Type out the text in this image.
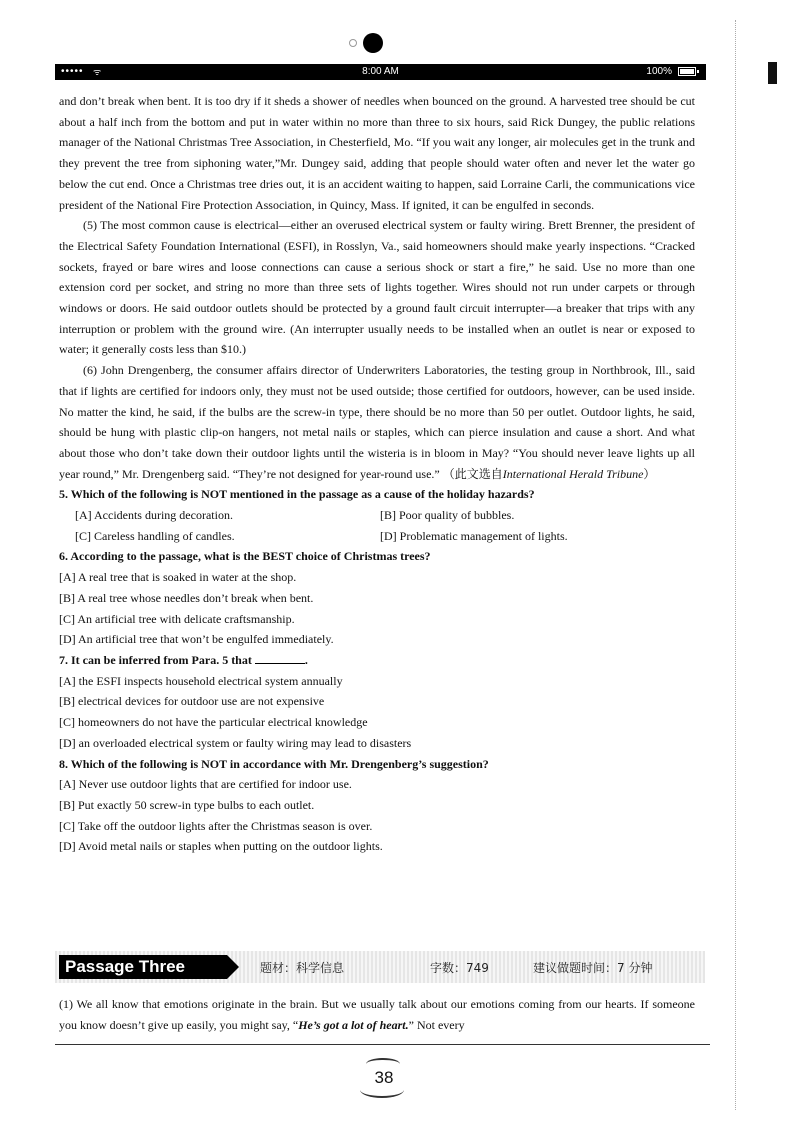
••••• ᯤ	8:00 AM	100%

and don’t break when bent. It is too dry if it sheds a shower of needles when bounced on the ground. A harvested tree should be cut about a half inch from the bottom and put in water within no more than three to six hours, said Rick Dungey, the public relations manager of the National Christmas Tree Association, in Chesterfield, Mo. “If you wait any longer, air molecules get in the trunk and they prevent the tree from siphoning water,”Mr. Dungey said, adding that people should water often and never let the water go below the cut end. Once a Christmas tree dries out, it is an accident waiting to happen, said Lorraine Carli, the communications vice president of the National Fire Protection Association, in Quincy, Mass. If ignited, it can be engulfed in seconds.

(5) The most common cause is electrical—either an overused electrical system or faulty wiring. Brett Brenner, the president of the Electrical Safety Foundation International (ESFI), in Rosslyn, Va., said homeowners should make yearly inspections. “Cracked sockets, frayed or bare wires and loose connections can cause a serious shock or start a fire,” he said. Use no more than one extension cord per socket, and string no more than three sets of lights together. Wires should not run under carpets or through windows or doors. He said outdoor outlets should be protected by a ground fault circuit interrupter—a breaker that trips with any interruption or problem with the ground wire. (An interrupter usually needs to be installed when an outlet is near or exposed to water; it generally costs less than $10.)

(6) John Drengenberg, the consumer affairs director of Underwriters Laboratories, the testing group in Northbrook, Ill., said that if lights are certified for indoors only, they must not be used outside; those certified for outdoors, however, can be used inside. No matter the kind, he said, if the bulbs are the screw-in type, there should be no more than 50 per outlet. Outdoor lights, he said, should be hung with plastic clip-on hangers, not metal nails or staples, which can pierce insulation and cause a short. And what about those who don’t take down their outdoor lights until the wisteria is in bloom in May? “You should never leave lights up all year round,” Mr. Drengenberg said. “They’re not designed for year-round use.” （此文选自International Herald Tribune）

5. Which of the following is NOT mentioned in the passage as a cause of the holiday hazards?

[A] Accidents during decoration.	[B] Poor quality of bubbles.

[C] Careless handling of candles.	[D] Problematic management of lights.

6. According to the passage, what is the BEST choice of Christmas trees?

[A] A real tree that is soaked in water at the shop.

[B] A real tree whose needles don’t break when bent.

[C] An artificial tree with delicate craftsmanship.

[D] An artificial tree that won’t be engulfed immediately.

7. It can be inferred from Para. 5 that	.

[A] the ESFI inspects household electrical system annually

[B] electrical devices for outdoor use are not expensive

[C] homeowners do not have the particular electrical knowledge

[D] an overloaded electrical system or faulty wiring may lead to disasters

8. Which of the following is NOT in accordance with Mr. Drengenberg’s suggestion?

[A] Never use outdoor lights that are certified for indoor use.

[B] Put exactly 50 screw-in type bulbs to each outlet.

[C] Take off the outdoor lights after the Christmas season is over.

[D] Avoid metal nails or staples when putting on the outdoor lights.

Passage Three	题材：科学信息	字数：749	建议做题时间：7 分钟

(1) We all know that emotions originate in the brain. But we usually talk about our emotions coming from our hearts. If someone you know doesn’t give up easily, you might say, “He’s got a lot of heart.” Not every

38
